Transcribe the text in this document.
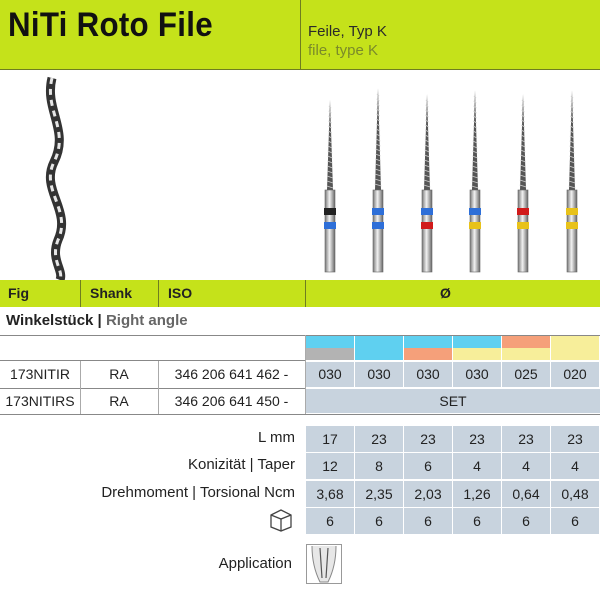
NiTi Roto File	Feile, Typ K
file, type K
Fig	Shank	ISO	Ø
Winkelstück | Right angle
173NITIR	RA	346 206 641 462 -	030	030	030	030	025	020
173NITIRS	RA	346 206 641 450 -	SET
L mm	17	23	23	23	23	23
Konizität | Taper	12	8	6	4	4	4
Drehmoment | Torsional Ncm	3,68	2,35	2,03	1,26	0,64	0,48
6	6	6	6	6	6
Application
